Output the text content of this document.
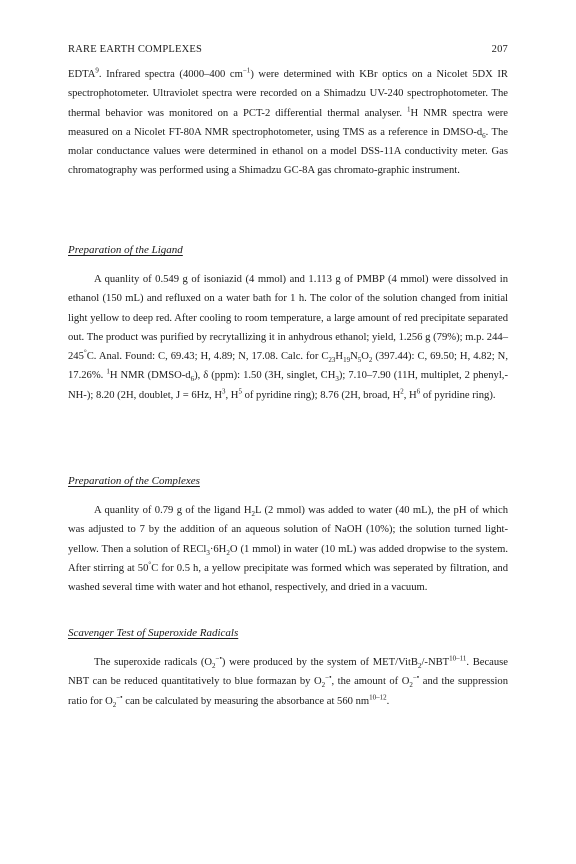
RARE EARTH COMPLEXES	207

EDTA$^9$. Infrared spectra (4000–400 $cm^{-1}$) were determined with KBr optics on a Nicolet 5DX IR spectrophotometer. Ultraviolet spectra were recorded on a Shimadzu UV-240 spectrophotometer. The thermal behavior was monitored on a PCT-2 differential thermal analyser. $^1$H NMR spectra were measured on a Nicolet FT-80A NMR spectrophotometer, using TMS as a reference in DMSO-$d_6$. The molar conductance values were determined in ethanol on a model DSS-11A conductivity meter. Gas chromatography was performed using a Shimadzu GC-8A gas chromato-graphic instrument.

Preparation of the Ligand

A quanlity of 0.549 g of isoniazid (4 mmol) and 1.113 g of PMBP (4 mmol) were dissolved in ethanol (150 mL) and refluxed on a water bath for 1 h. The color of the solution changed from initial light yellow to deep red. After cooling to room temperature, a large amount of red precipitate separated out. The product was purified by recrytallizing it in anhydrous ethanol; yield, 1.256 g (79%); m.p. 244–245°C. Anal. Found: C, 69.43; H, 4.89; N, 17.08. Calc. for $C_{23}H_{19}N_5O_2$ (397.44): C, 69.50; H, 4.82; N, 17.26%. $^1$H NMR $(DMSO-d_6)$, δ (ppm): 1.50 (3H, singlet, $CH_3$); 7.10–7.90 (11H, multiplet, 2 phenyl,-NH-); 8.20 (2H, doublet, J = 6Hz, $H^3$, $H^5$ of pyridine ring); 8.76 (2H, broad, $H^2$, $H^6$ of pyridine ring).

Preparation of the Complexes

A quanlity of 0.79 g of the ligand $H_2L$ (2 mmol) was added to water (40 mL), the pH of which was adjusted to 7 by the addition of an aqueous solution of NaOH (10%); the solution turned light-yellow. Then a solution of $RECl_3\cdot 6H_2O$ (1 mmol) in water (10 mL) was added dropwise to the system. After stirring at 50°C for 0.5 h, a yellow precipitate was formed which was seperated by filtration, and washed several time with water and hot ethanol, respectively, and dried in a vacuum.

Scavenger Test of Superoxide Radicals

The superoxide radicals $(O_2^{-•})$ were produced by the system of MET/$VitB_2/-NBT^{10-11}$. Because NBT can be reduced quantitatively to blue formazan by $O_2^{-•}$, the amount of $O_2^{-•}$ and the suppression ratio for $O_2^{-•}$ can be calculated by measuring the absorbance at 560 $nm^{10-12}$.
